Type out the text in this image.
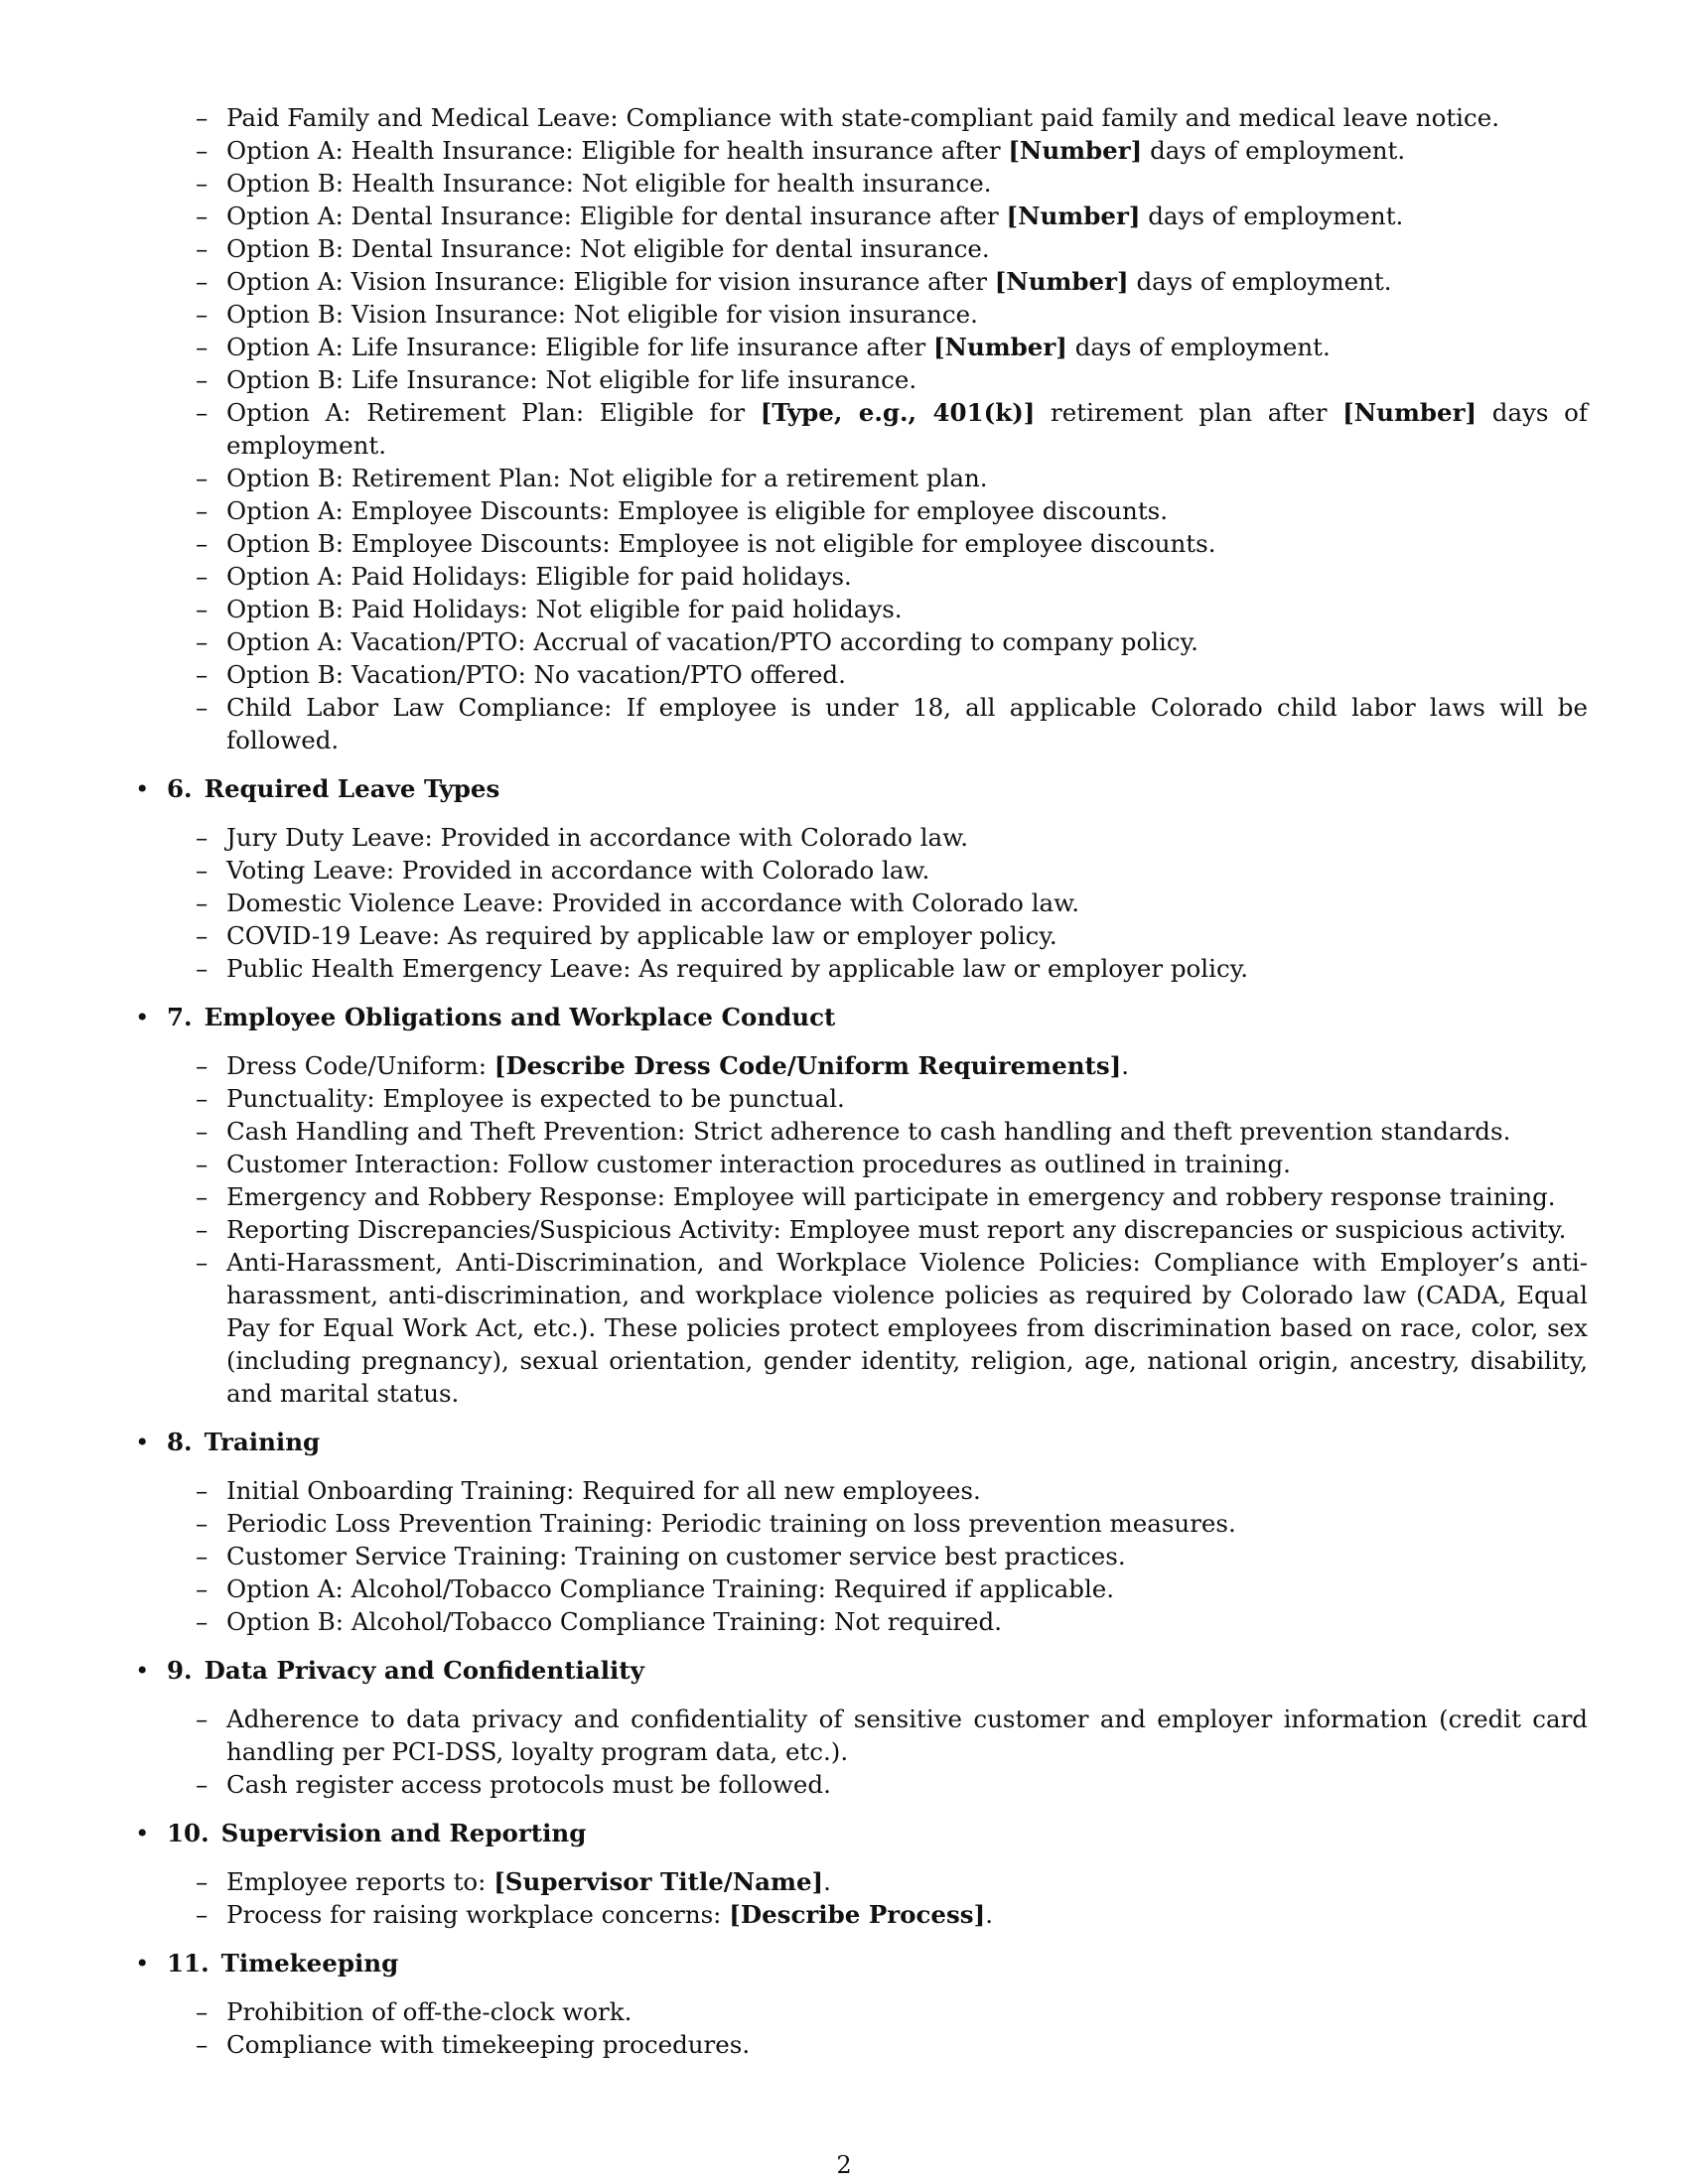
– Paid Family and Medical Leave: Compliance with state-compliant paid family and medical leave notice.
– Option A: Health Insurance: Eligible for health insurance after [Number] days of employment.
– Option B: Health Insurance: Not eligible for health insurance.
– Option A: Dental Insurance: Eligible for dental insurance after [Number] days of employment.
– Option B: Dental Insurance: Not eligible for dental insurance.
– Option A: Vision Insurance: Eligible for vision insurance after [Number] days of employment.
– Option B: Vision Insurance: Not eligible for vision insurance.
– Option A: Life Insurance: Eligible for life insurance after [Number] days of employment.
– Option B: Life Insurance: Not eligible for life insurance.
– Option A: Retirement Plan: Eligible for [Type, e.g., 401(k)] retirement plan after [Number] days of employment.
– Option B: Retirement Plan: Not eligible for a retirement plan.
– Option A: Employee Discounts: Employee is eligible for employee discounts.
– Option B: Employee Discounts: Employee is not eligible for employee discounts.
– Option A: Paid Holidays: Eligible for paid holidays.
– Option B: Paid Holidays: Not eligible for paid holidays.
– Option A: Vacation/PTO: Accrual of vacation/PTO according to company policy.
– Option B: Vacation/PTO: No vacation/PTO offered.
– Child Labor Law Compliance: If employee is under 18, all applicable Colorado child labor laws will be followed.
• 6. Required Leave Types
– Jury Duty Leave: Provided in accordance with Colorado law.
– Voting Leave: Provided in accordance with Colorado law.
– Domestic Violence Leave: Provided in accordance with Colorado law.
– COVID-19 Leave: As required by applicable law or employer policy.
– Public Health Emergency Leave: As required by applicable law or employer policy.
• 7. Employee Obligations and Workplace Conduct
– Dress Code/Uniform: [Describe Dress Code/Uniform Requirements].
– Punctuality: Employee is expected to be punctual.
– Cash Handling and Theft Prevention: Strict adherence to cash handling and theft prevention standards.
– Customer Interaction: Follow customer interaction procedures as outlined in training.
– Emergency and Robbery Response: Employee will participate in emergency and robbery response training.
– Reporting Discrepancies/Suspicious Activity: Employee must report any discrepancies or suspicious activity.
– Anti-Harassment, Anti-Discrimination, and Workplace Violence Policies: Compliance with Employer’s anti-harassment, anti-discrimination, and workplace violence policies as required by Colorado law (CADA, Equal Pay for Equal Work Act, etc.). These policies protect employees from discrimination based on race, color, sex (including pregnancy), sexual orientation, gender identity, religion, age, national origin, ancestry, disability, and marital status.
• 8. Training
– Initial Onboarding Training: Required for all new employees.
– Periodic Loss Prevention Training: Periodic training on loss prevention measures.
– Customer Service Training: Training on customer service best practices.
– Option A: Alcohol/Tobacco Compliance Training: Required if applicable.
– Option B: Alcohol/Tobacco Compliance Training: Not required.
• 9. Data Privacy and Confidentiality
– Adherence to data privacy and confidentiality of sensitive customer and employer information (credit card handling per PCI-DSS, loyalty program data, etc.).
– Cash register access protocols must be followed.
• 10. Supervision and Reporting
– Employee reports to: [Supervisor Title/Name].
– Process for raising workplace concerns: [Describe Process].
• 11. Timekeeping
– Prohibition of off-the-clock work.
– Compliance with timekeeping procedures.
2
